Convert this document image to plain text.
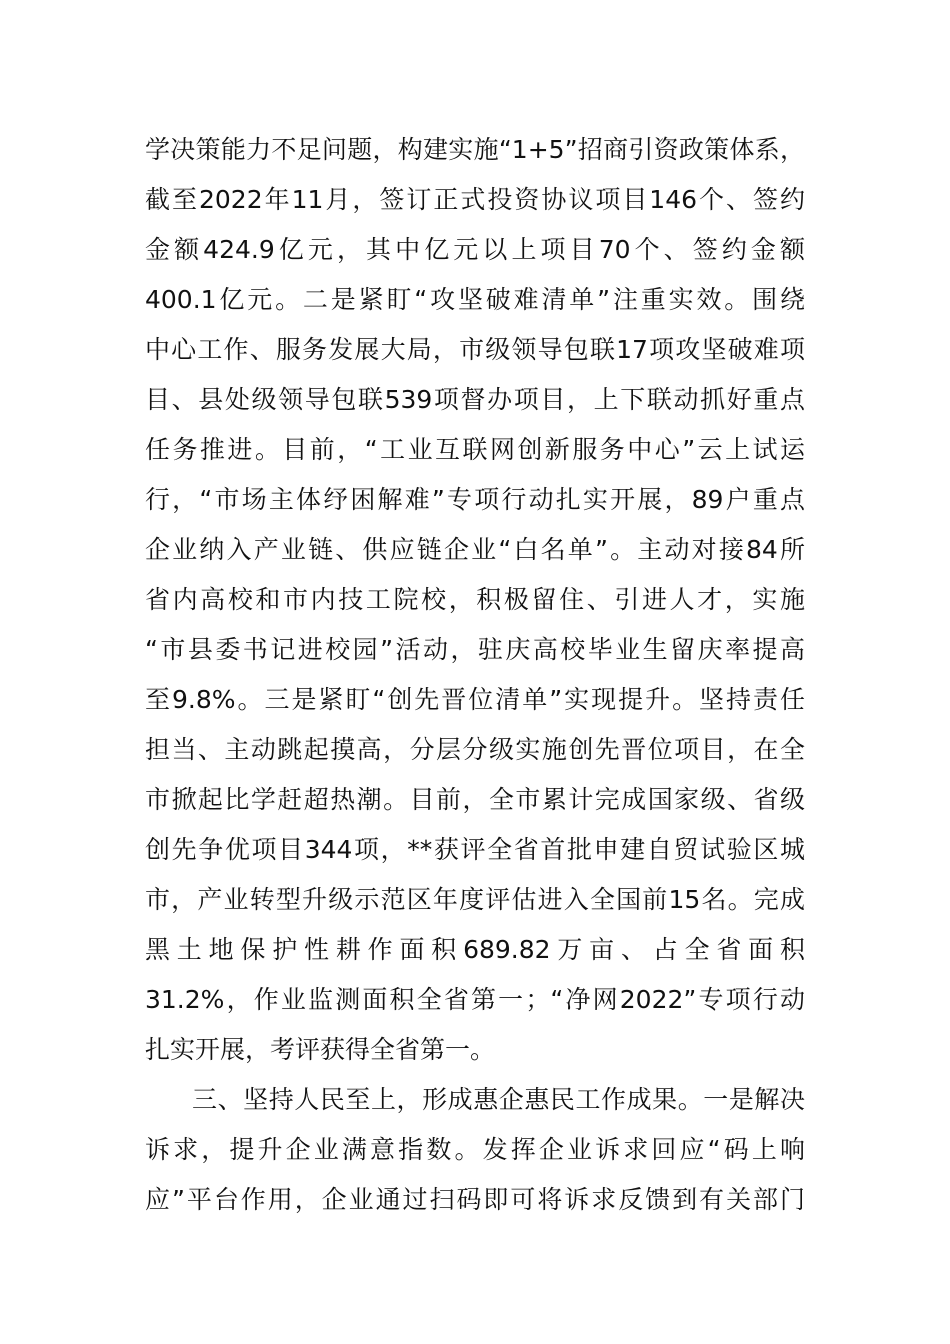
学决策能力不足问题，构建实施“1+5”招商引资政策体系，
截至2022年11月，签订正式投资协议项目146个、签约
金额424.9亿元，其中亿元以上项目70个、签约金额
400.1亿元。二是紧盯“攻坚破难清单”注重实效。围绕
中心工作、服务发展大局，市级领导包联17项攻坚破难项
目、县处级领导包联539项督办项目，上下联动抓好重点
任务推进。目前，“工业互联网创新服务中心”云上试运
行，“市场主体纾困解难”专项行动扎实开展，89户重点
企业纳入产业链、供应链企业“白名单”。主动对接84所
省内高校和市内技工院校，积极留住、引进人才，实施
“市县委书记进校园”活动，驻庆高校毕业生留庆率提高
至9.8%。三是紧盯“创先晋位清单”实现提升。坚持责任
担当、主动跳起摸高，分层分级实施创先晋位项目，在全
市掀起比学赶超热潮。目前，全市累计完成国家级、省级
创先争优项目344项，**获评全省首批申建自贸试验区城
市，产业转型升级示范区年度评估进入全国前15名。完成
黑土地保护性耕作面积689.82万亩、占全省面积
31.2%，作业监测面积全省第一；“净网2022”专项行动
扎实开展，考评获得全省第一。
三、坚持人民至上，形成惠企惠民工作成果。一是解决
诉求，提升企业满意指数。发挥企业诉求回应“码上响
应”平台作用，企业通过扫码即可将诉求反馈到有关部门
